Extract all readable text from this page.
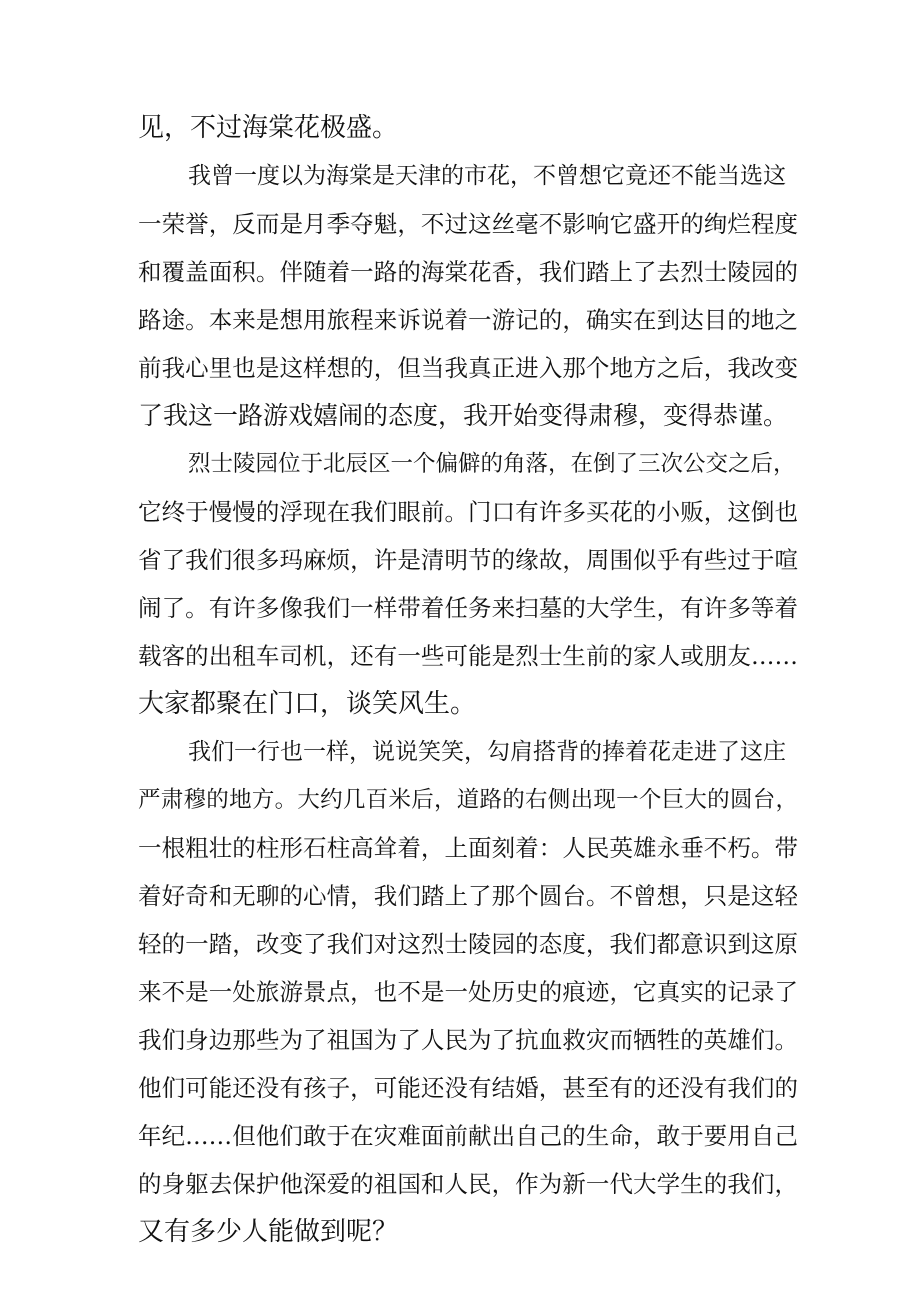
见，不过海棠花极盛。
我曾一度以为海棠是天津的市花，不曾想它竟还不能当选这
一荣誉，反而是月季夺魁，不过这丝毫不影响它盛开的绚烂程度
和覆盖面积。伴随着一路的海棠花香，我们踏上了去烈士陵园的
路途。本来是想用旅程来诉说着一游记的，确实在到达目的地之
前我心里也是这样想的，但当我真正进入那个地方之后，我改变
了我这一路游戏嬉闹的态度，我开始变得肃穆，变得恭谨。
烈士陵园位于北辰区一个偏僻的角落，在倒了三次公交之后，
它终于慢慢的浮现在我们眼前。门口有许多买花的小贩，这倒也
省了我们很多玛麻烦，许是清明节的缘故，周围似乎有些过于喧
闹了。有许多像我们一样带着任务来扫墓的大学生，有许多等着
载客的出租车司机，还有一些可能是烈士生前的家人或朋友……
大家都聚在门口，谈笑风生。
我们一行也一样，说说笑笑，勾肩搭背的捧着花走进了这庄
严肃穆的地方。大约几百米后，道路的右侧出现一个巨大的圆台，
一根粗壮的柱形石柱高耸着，上面刻着：人民英雄永垂不朽。带
着好奇和无聊的心情，我们踏上了那个圆台。不曾想，只是这轻
轻的一踏，改变了我们对这烈士陵园的态度，我们都意识到这原
来不是一处旅游景点，也不是一处历史的痕迹，它真实的记录了
我们身边那些为了祖国为了人民为了抗血救灾而牺牲的英雄们。
他们可能还没有孩子，可能还没有结婚，甚至有的还没有我们的
年纪……但他们敢于在灾难面前献出自己的生命，敢于要用自己
的身躯去保护他深爱的祖国和人民，作为新一代大学生的我们，
又有多少人能做到呢？
